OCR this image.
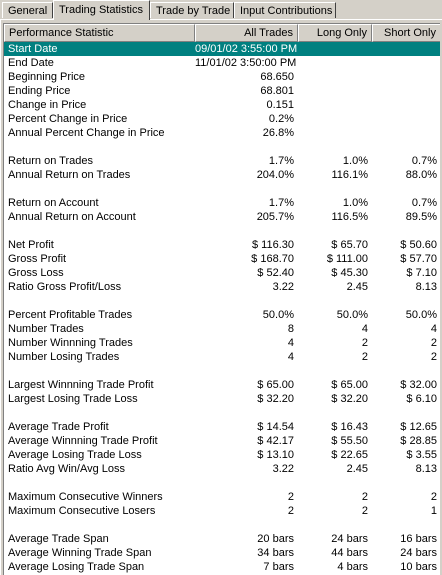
General	Trading Statistics	Trade by Trade Input Contributions
Performance Statistic	All Trades	Long Only	Short Only
Start Date	09/01/02 3:55:00 PM
End Date	11/01/02 3:50:00 PM
Beginning Price	68.650
Ending Price	68.801
Change in Price	0.151
Percent Change in Price	0.2%
Annual Percent Change in Price	26.8%
Return on Trades	1.7%	1.0%	0.7%
Annual Return on Trades	204.0%	116.1%	88.0%
Return on Account	1.7%	1.0%	0.7%
Annual Return on Account	205.7%	116.5%	89.5%
Net Profit	$ 116.30	$ 65.70	$ 50.60
Gross Profit	$ 168.70	$ 111.00	$ 57.70
Gross Loss	$ 52.40	$ 45.30	$ 7.10
Ratio Gross Profit/Loss	3.22	2.45	8.13
Percent Profitable Trades	50.0%	50.0%	50.0%
Number Trades	8	4	4
Number Winnning Trades	4	2	2
Number Losing Trades	4	2	2
Largest Winnning Trade Profit	$ 65.00	$ 65.00	$ 32.00
Largest Losing Trade Loss	$ 32.20	$ 32.20	$ 6.10
Average Trade Profit	$ 14.54	$ 16.43	$ 12.65
Average Winnning Trade Profit	$ 42.17	$ 55.50	$ 28.85
Average Losing Trade Loss	$ 13.10	$ 22.65	$ 3.55
Ratio Avg Win/Avg Loss	3.22	2.45	8.13
Maximum Consecutive Winners	2	2	2
Maximum Consecutive Losers	2	2	1
Average Trade Span	20 bars	24 bars	16 bars
Average Winning Trade Span	34 bars	44 bars	24 bars
Average Losing Trade Span	7 bars	4 bars	10 bars
